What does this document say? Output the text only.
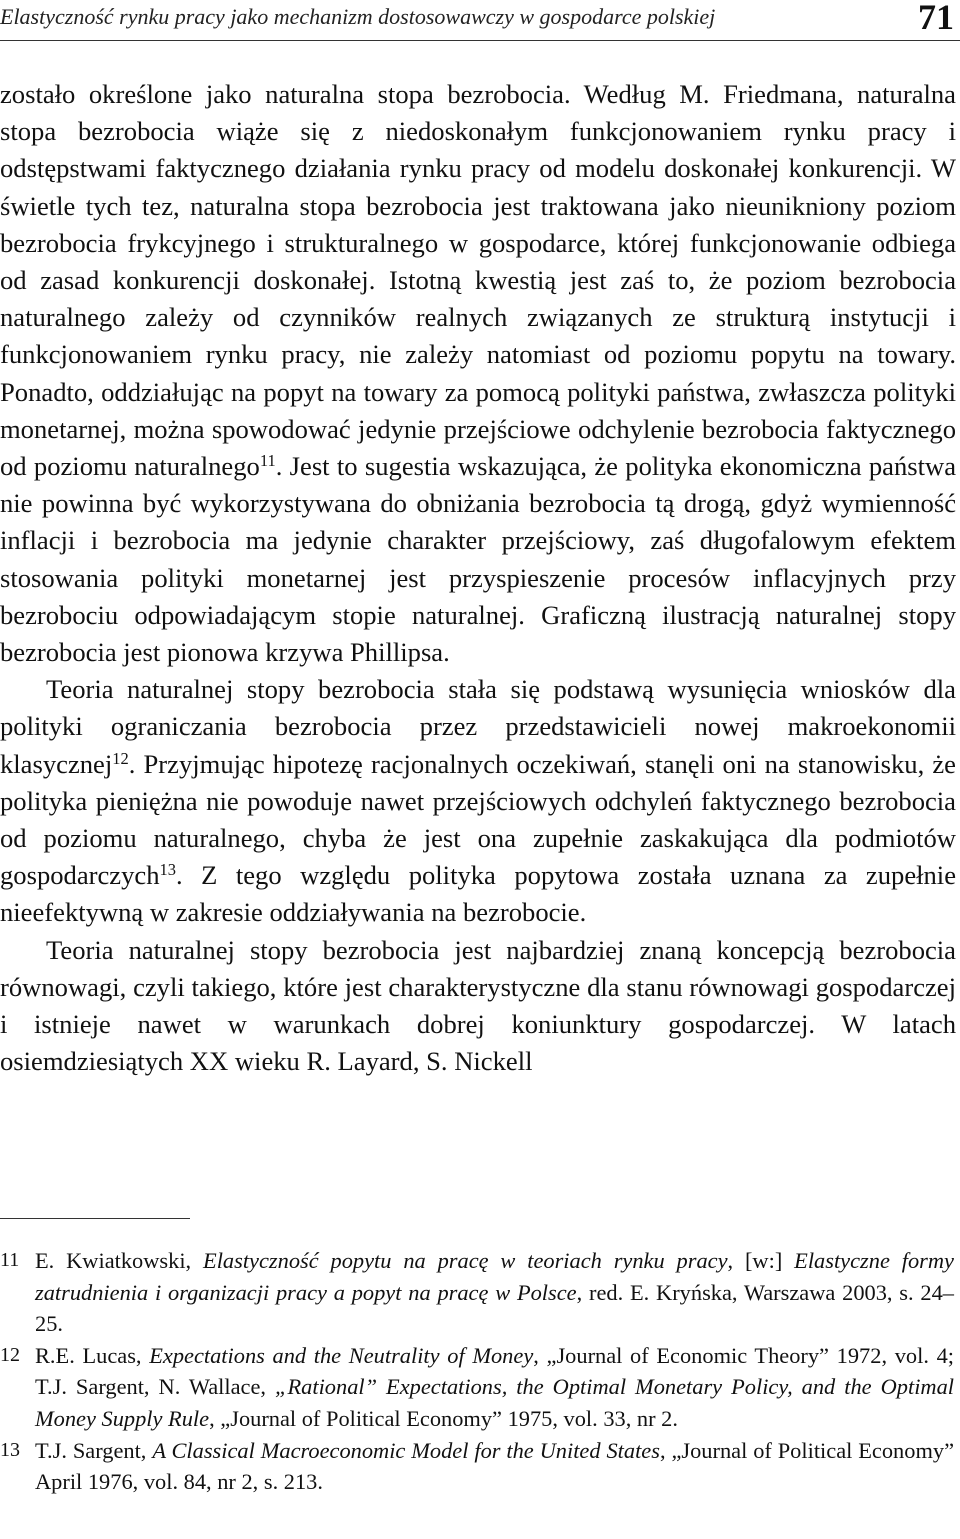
Elastyczność rynku pracy jako mechanizm dostosowawczy w gospodarce polskiej	71

zostało określone jako naturalna stopa bezrobocia. Według M. Friedmana, naturalna stopa bezrobocia wiąże się z niedoskonałym funkcjonowaniem rynku pracy i odstępstwami faktycznego działania rynku pracy od modelu doskonałej konkurencji. W świetle tych tez, naturalna stopa bezrobocia jest traktowana jako nieunikniony poziom bezrobocia frykcyjnego i strukturalnego w gospodarce, której funkcjonowanie odbiega od zasad konkurencji doskonałej. Istotną kwestią jest zaś to, że poziom bezrobocia naturalnego zależy od czynników realnych związanych ze strukturą instytucji i funkcjonowaniem rynku pracy, nie zależy natomiast od poziomu popytu na towary. Ponadto, oddziałując na popyt na towary za pomocą polityki państwa, zwłaszcza polityki monetarnej, można spowodować jedynie przejściowe odchylenie bezrobocia faktycznego od poziomu naturalnego$^{11}$. Jest to sugestia wskazująca, że polityka ekonomiczna państwa nie powinna być wykorzystywana do obniżania bezrobocia tą drogą, gdyż wymienność inflacji i bezrobocia ma jedynie charakter przejściowy, zaś długofalowym efektem stosowania polityki monetarnej jest przyspieszenie procesów inflacyjnych przy bezrobociu odpowiadającym stopie naturalnej. Graficzną ilustracją naturalnej stopy bezrobocia jest pionowa krzywa Phillipsa.

Teoria naturalnej stopy bezrobocia stała się podstawą wysunięcia wniosków dla polityki ograniczania bezrobocia przez przedstawicieli nowej makroekonomii klasycznej$^{12}$. Przyjmując hipotezę racjonalnych oczekiwań, stanęli oni na stanowisku, że polityka pieniężna nie powoduje nawet przejściowych odchyleń faktycznego bezrobocia od poziomu naturalnego, chyba że jest ona zupełnie zaskakująca dla podmiotów gospodarczych$^{13}$. Z tego względu polityka popytowa została uznana za zupełnie nieefektywną w zakresie oddziaływania na bezrobocie.

Teoria naturalnej stopy bezrobocia jest najbardziej znaną koncepcją bezrobocia równowagi, czyli takiego, które jest charakterystyczne dla stanu równowagi gospodarczej i istnieje nawet w warunkach dobrej koniunktury gospodarczej. W latach osiemdziesiątych XX wieku R. Layard, S. Nickell

11 E. Kwiatkowski, Elastyczność popytu na pracę w teoriach rynku pracy, [w:] Elastyczne formy zatrudnienia i organizacji pracy a popyt na pracę w Polsce, red. E. Kryńska, Warszawa 2003, s. 24–25.
12 R.E. Lucas, Expectations and the Neutrality of Money, „Journal of Economic Theory” 1972, vol. 4; T.J. Sargent, N. Wallace, „Rational” Expectations, the Optimal Monetary Policy, and the Optimal Money Supply Rule, „Journal of Political Economy” 1975, vol. 33, nr 2.
13 T.J. Sargent, A Classical Macroeconomic Model for the United States, „Journal of Political Economy” April 1976, vol. 84, nr 2, s. 213.
